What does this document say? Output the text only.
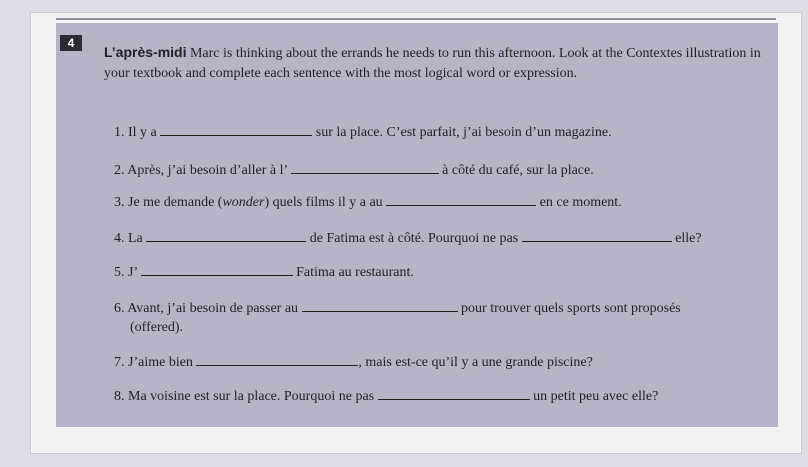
4
L’après-midi Marc is thinking about the errands he needs to run this afternoon. Look at the Contextes illustration in your textbook and complete each sentence with the most logical word or expression.
1. Il y a	sur la place. C’est parfait, j’ai besoin d’un magazine.
2. Après, j’ai besoin d’aller à l’	à côté du café, sur la place.
3. Je me demande (wonder) quels films il y a au	en ce moment.
4. La	de Fatima est à côté. Pourquoi ne pas	elle?
5. J’	Fatima au restaurant.
6. Avant, j’ai besoin de passer au	pour trouver quels sports sont proposés
(offered).
7. J’aime bien	, mais est-ce qu’il y a une grande piscine?
8. Ma voisine est sur la place. Pourquoi ne pas	un petit peu avec elle?
